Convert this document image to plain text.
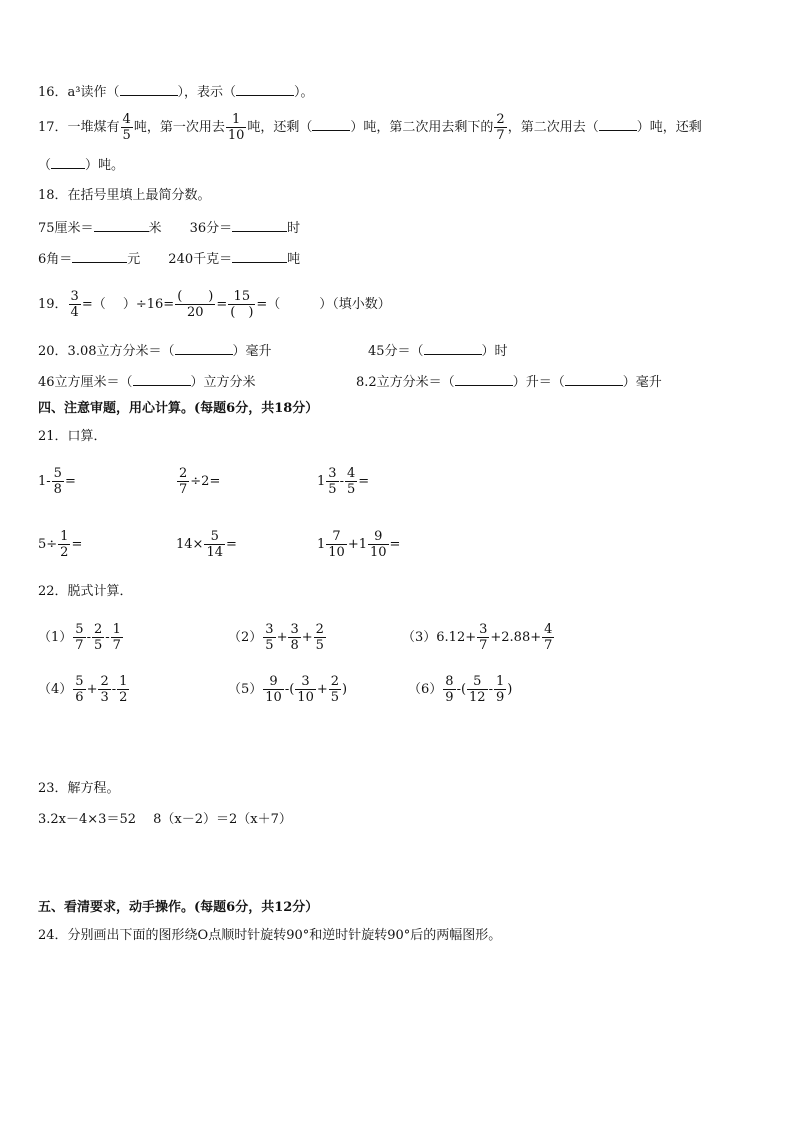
16．a³读作（	），表示（	）。
17．一堆煤有 $\frac{4}{5}$ 吨，第一次用去 $\frac{1}{10}$ 吨，还剩（	）吨，第二次用去剩下的 $\frac{2}{7}$ ，第二次用去（	）吨，还剩
（	）吨。
18．在括号里填上最简分数。
75厘米＝	米 36分＝	时
6角＝	元 240千克＝	吨
19． $\frac{3}{4}$ =（　 ）$\div 16= \frac{( )}{20} = \frac{15}{( )}$ =（　　　）（填小数）
20．3.08立方分米＝（	）毫升	45分＝（	）时
46立方厘米＝（	）立方分米	8.2立方分米＝（	）升＝（	）毫升
四、注意审题，用心计算。(每题6分，共18分）
21．口算．
$1- \frac{5}{8}$ =	$\frac{2}{7} \div 2=$	$1 \frac{3}{5} - \frac{4}{5}$ =
$5\div \frac{1}{2}$ =	$14\times \frac{5}{14}$ =	$1 \frac{7}{10} +1 \frac{9}{10}$ =
22．脱式计算．
$(1) \frac{5}{7} - \frac{2}{5} - \frac{1}{7}$	$(2) \frac{3}{5} + \frac{3}{8} + \frac{2}{5}$	$(3)6.12+ \frac{3}{7} +2.88+ \frac{4}{7}$
$(4) \frac{5}{6} + \frac{2}{3} - \frac{1}{2}$	$(5) \frac{9}{10}$ -( $\frac{3}{10} + \frac{2}{5}$ )	$(6) \frac{8}{9}$ -( $\frac{5}{12} - \frac{1}{9}$ )
23．解方程。
3.2x－4×3＝52　 8（x－2）＝2（x＋7）
五、看清要求，动手操作。(每题6分，共12分）
24．分别画出下面的图形绕O点顺时针旋转90°和逆时针旋转90°后的两幅图形。
